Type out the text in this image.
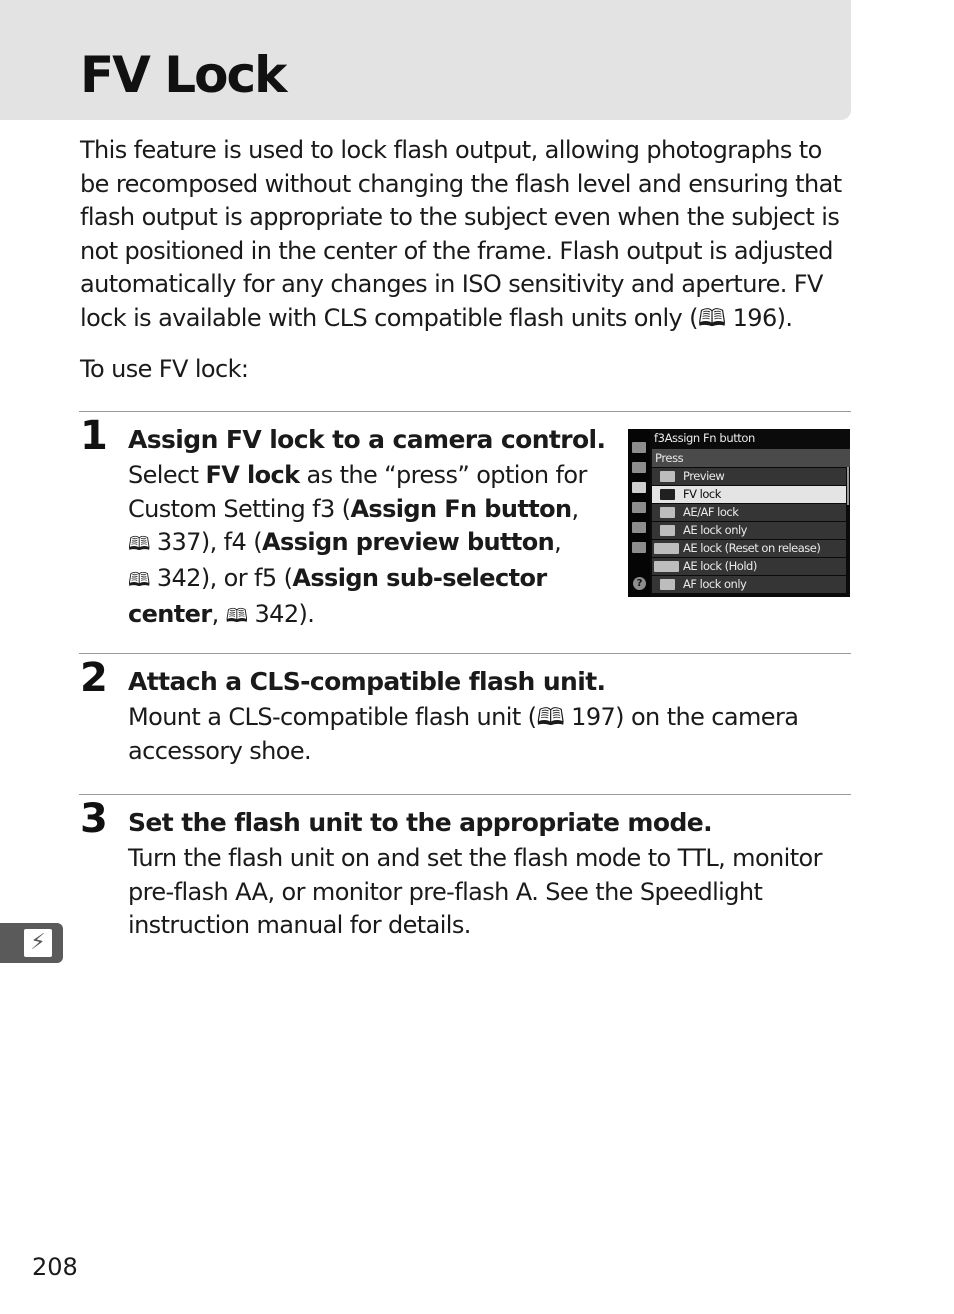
FV Lock

This feature is used to lock flash output, allowing photographs to be recomposed without changing the flash level and ensuring that flash output is appropriate to the subject even when the subject is not positioned in the center of the frame. Flash output is adjusted automatically for any changes in ISO sensitivity and aperture. FV lock is available with CLS compatible flash units only (🕮 196).

To use FV lock:

1 Assign FV lock to a camera control.

Select FV lock as the “press” option for Custom Setting f3 (Assign Fn button,
🕮 337), f4 (Assign preview button,
🕮 342), or f5 (Assign sub-selector center, 🕮 342).

?
f3Assign Fn button
Press
Preview
FV lock
AE/AF lock
AE lock only
AE lock (Reset on release)
AE lock (Hold)
AF lock only
2 Attach a CLS-compatible flash unit.

Mount a CLS-compatible flash unit (🕮 197) on the camera accessory shoe.

3 Set the flash unit to the appropriate mode.

Turn the flash unit on and set the flash mode to TTL, monitor pre-flash AA, or monitor pre-flash A. See the Speedlight instruction manual for details.

⚡

208
